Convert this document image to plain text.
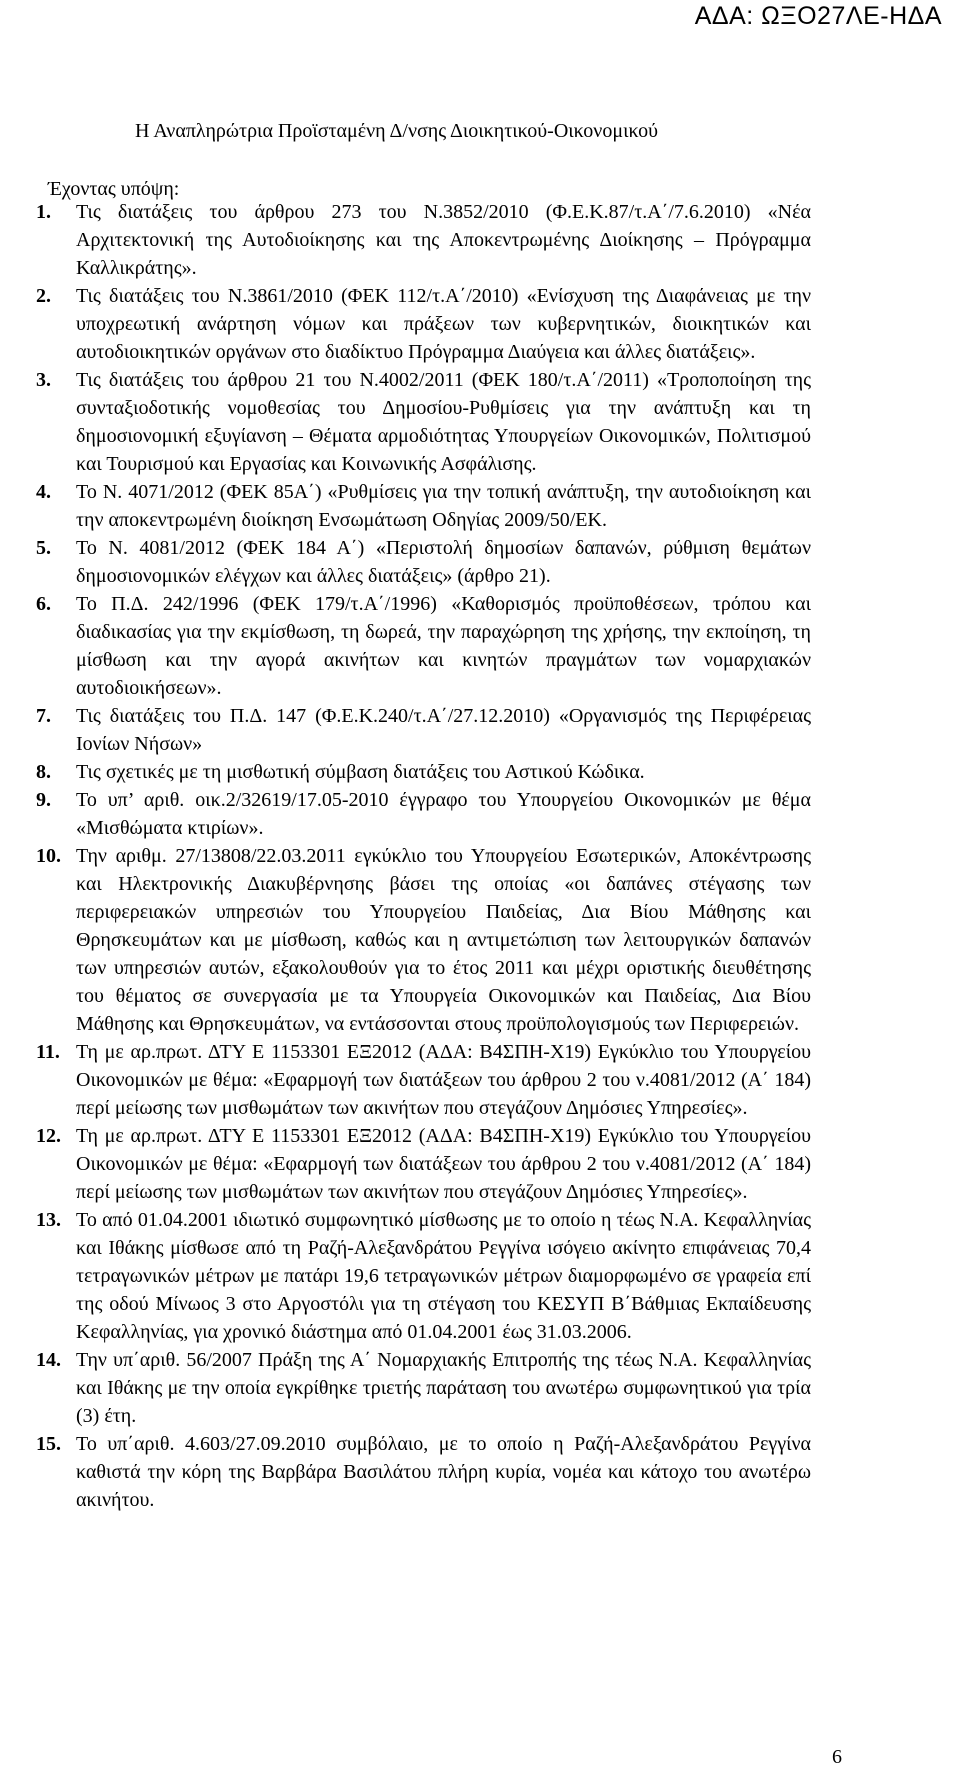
ΑΔΑ: ΩΞΟ27ΛΕ-ΗΔΑ
Η Αναπληρώτρια Προϊσταμένη Δ/νσης Διοικητικού-Οικονομικού
Έχοντας υπόψη:
1.	Τις διατάξεις του άρθρου 273 του Ν.3852/2010 (Φ.Ε.Κ.87/τ.Α΄/7.6.2010) «Νέα Αρχιτεκτονική της Αυτοδιοίκησης και της Αποκεντρωμένης Διοίκησης – Πρόγραμμα Καλλικράτης».
2.	Τις διατάξεις του Ν.3861/2010 (ΦΕΚ 112/τ.Α΄/2010) «Ενίσχυση της Διαφάνειας με την υποχρεωτική ανάρτηση νόμων και πράξεων των κυβερνητικών, διοικητικών και αυτοδιοικητικών οργάνων στο διαδίκτυο Πρόγραμμα Διαύγεια και άλλες διατάξεις».
3.	Τις διατάξεις του άρθρου 21 του Ν.4002/2011 (ΦΕΚ 180/τ.Α΄/2011) «Τροποποίηση της συνταξιοδοτικής νομοθεσίας του Δημοσίου-Ρυθμίσεις για την ανάπτυξη και τη δημοσιονομική εξυγίανση – Θέματα αρμοδιότητας Υπουργείων Οικονομικών, Πολιτισμού και Τουρισμού και Εργασίας και Κοινωνικής Ασφάλισης.
4.	Το Ν. 4071/2012 (ΦΕΚ 85Α΄) «Ρυθμίσεις για την τοπική ανάπτυξη, την αυτοδιοίκηση και την αποκεντρωμένη διοίκηση Ενσωμάτωση Οδηγίας 2009/50/ΕΚ.
5.	Το Ν. 4081/2012 (ΦΕΚ 184 Α΄) «Περιστολή δημοσίων δαπανών, ρύθμιση θεμάτων δημοσιονομικών ελέγχων και άλλες διατάξεις» (άρθρο 21).
6.	Το Π.Δ. 242/1996 (ΦΕΚ 179/τ.Α΄/1996) «Καθορισμός προϋποθέσεων, τρόπου και διαδικασίας για την εκμίσθωση, τη δωρεά, την παραχώρηση της χρήσης, την εκποίηση, τη μίσθωση και την αγορά ακινήτων και κινητών πραγμάτων των νομαρχιακών αυτοδιοικήσεων».
7.	Τις διατάξεις του Π.Δ. 147 (Φ.Ε.Κ.240/τ.Α΄/27.12.2010) «Οργανισμός της Περιφέρειας Ιονίων Νήσων»
8.	Τις σχετικές με τη μισθωτική σύμβαση διατάξεις του Αστικού Κώδικα.
9.	Το υπ’ αριθ. οικ.2/32619/17.05-2010 έγγραφο του Υπουργείου Οικονομικών με θέμα «Μισθώματα κτιρίων».
10. Την αριθμ. 27/13808/22.03.2011 εγκύκλιο του Υπουργείου Εσωτερικών, Αποκέντρωσης και Ηλεκτρονικής Διακυβέρνησης βάσει της οποίας «οι δαπάνες στέγασης των περιφερειακών υπηρεσιών του Υπουργείου Παιδείας, Δια Βίου Μάθησης και Θρησκευμάτων και με μίσθωση, καθώς και η αντιμετώπιση των λειτουργικών δαπανών των υπηρεσιών αυτών, εξακολουθούν για το έτος 2011 και μέχρι οριστικής διευθέτησης του θέματος σε συνεργασία με τα Υπουργεία Οικονομικών και Παιδείας, Δια Βίου Μάθησης και Θρησκευμάτων, να εντάσσονται στους προϋπολογισμούς των Περιφερειών.
11. Τη με αρ.πρωτ. ΔΤΥ Ε 1153301 ΕΞ2012 (ΑΔΑ: Β4ΣΠΗ-Χ19) Εγκύκλιο του Υπουργείου Οικονομικών με θέμα: «Εφαρμογή των διατάξεων του άρθρου 2 του ν.4081/2012 (Α΄ 184) περί μείωσης των μισθωμάτων των ακινήτων που στεγάζουν Δημόσιες Υπηρεσίες».
12. Τη με αρ.πρωτ. ΔΤΥ Ε 1153301 ΕΞ2012 (ΑΔΑ: Β4ΣΠΗ-Χ19) Εγκύκλιο του Υπουργείου Οικονομικών με θέμα: «Εφαρμογή των διατάξεων του άρθρου 2 του ν.4081/2012 (Α΄ 184) περί μείωσης των μισθωμάτων των ακινήτων που στεγάζουν Δημόσιες Υπηρεσίες».
13. Το από 01.04.2001 ιδιωτικό συμφωνητικό μίσθωσης με το οποίο η τέως Ν.Α. Κεφαλληνίας και Ιθάκης μίσθωσε από τη Ραζή-Αλεξανδράτου Ρεγγίνα ισόγειο ακίνητο επιφάνειας 70,4 τετραγωνικών μέτρων με πατάρι 19,6 τετραγωνικών μέτρων διαμορφωμένο σε γραφεία επί της οδού Μίνωος 3 στο Αργοστόλι για τη στέγαση του ΚΕΣΥΠ Β΄Βάθμιας Εκπαίδευσης Κεφαλληνίας, για χρονικό διάστημα από 01.04.2001 έως 31.03.2006.
14. Την υπ΄αριθ. 56/2007 Πράξη της Α΄ Νομαρχιακής Επιτροπής της τέως Ν.Α. Κεφαλληνίας και Ιθάκης με την οποία εγκρίθηκε τριετής παράταση του ανωτέρω συμφωνητικού για τρία (3) έτη.
15. Το υπ΄αριθ. 4.603/27.09.2010 συμβόλαιο, με το οποίο η Ραζή-Αλεξανδράτου Ρεγγίνα καθιστά την κόρη της Βαρβάρα Βασιλάτου πλήρη κυρία, νομέα και κάτοχο του ανωτέρω ακινήτου.
6
